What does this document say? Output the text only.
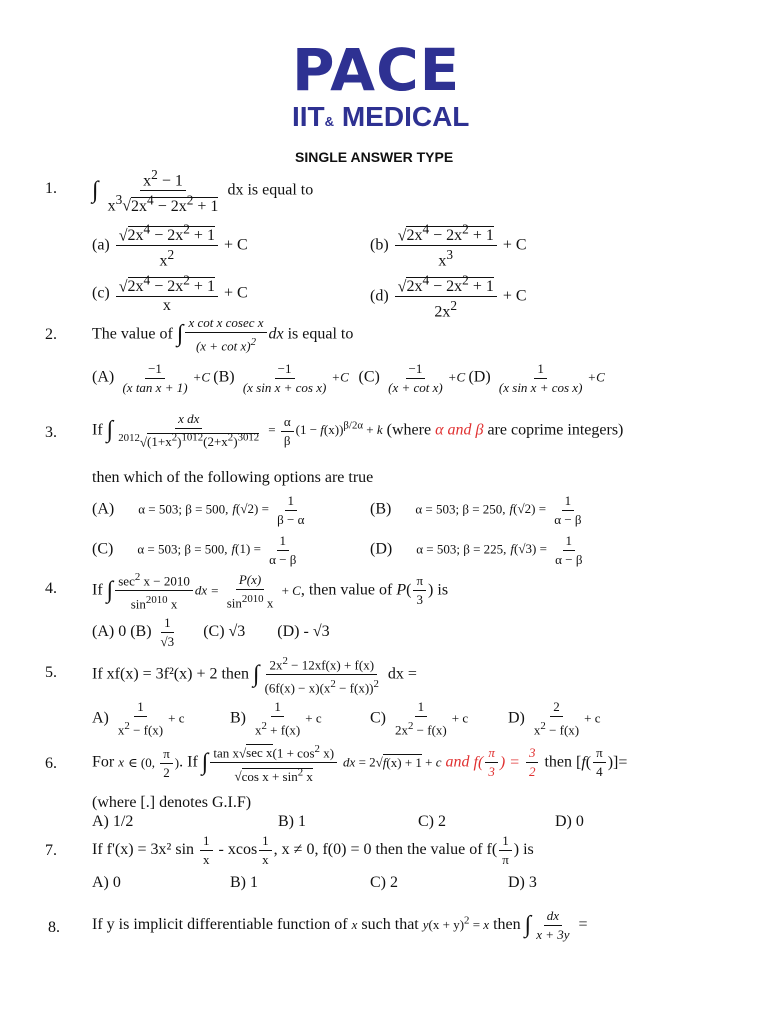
PACE
IIT& MEDICAL
SINGLE ANSWER TYPE
1. ∫ $\frac{x^2 - 1}{x^3√2x^4 - 2x^2 + 1}$ dx is equal to
$(a) \frac{√2x^4 - 2x^2 + 1}{x^2} + C$	$(b) \frac{√2x^4 - 2x^2 + 1}{x^3} + C$
$(c) \frac{√2x^4 - 2x^2 + 1}{x} + C$	$(d) \frac{√2x^4 - 2x^2 + 1}{2x^2} + C$
2. The value of ∫ $\frac{\text{x cot x cosec x}}{(x + \cot x)^2}$ dx is equal to
$(A) \frac{-1}{\text{(x tan x + 1)}} +C$ $(B) \frac{-1}{\text{(x sin x + cos x)}} +C$ $(C) \frac{-1}{\text{(x + cot x)}} +C$ $(D) \frac{1}{\text{(x sin x + cos x)}} +C$
3. If ∫ $\frac{\text{x dx}}{^{2012}√(1+x^2)^{1012}(2+x^2)^{3012}} = \frac{\alpha}{\beta} (1 - f(x))^{\beta/2\alpha} + k$ (where α and β are coprime integers)
then which of the following options are true
(A) α = 503; β = 500, $f(√2) = \frac{1}{\beta - \alpha}$	(B) α = 503; β = 250, $f(√2) = \frac{1}{\alpha - \beta}$
(C) α = 503; β = 500, $f(1) = \frac{1}{\alpha - \beta}$	(D) α = 503; β = 225, $f(√3) = \frac{1}{\alpha - \beta}$
4. If ∫ $\frac{\sec^2 x - 2010}{\sin^{2010} x}$ dx = $\frac{P(x)}{\sin^{2010} x} + C$, then value of $P( \frac{\pi}{3}$ ) is
(A) 0 $(B) \frac{1}{√3} (C)$ √3        (D) - √3
5. If xf(x) = 3f²(x) + 2 then ∫ $\frac{2x^2 - 12xf(x) + f(x)}{(6f(x) - x)(x^2 - f(x))^2}$ dx =
$A) \frac{1}{x^2 - f(x)} + c$	$B) \frac{1}{x^2 + f(x)} + c$	$C) \frac{1}{2x^2 - f(x)} + c$ $D) \frac{2}{x^2 - f(x)} + c$
6. For x ∈ (0, $\frac{\pi}{2}$ ). If ∫ $\frac{\tan x√\sec x(1 + \cos^2 x)}{√\cos x + \sin^2 x}$ dx = 2√f(x) + 1 + c and $f( \frac{\pi}{3}$ ) = $\frac{3}{2}$ then [$f( \frac{\pi}{4}$ )]=
(where [.] denotes G.I.F)
A) 1/2	B) 1	C) 2	D) 0
7. If f'(x) = 3x² $\sin \frac{1}{x}$ - xcos $\frac{1}{x}$ , x ≠ 0, f(0) = 0 then the value of $f( \frac{1}{\pi}$ ) is
A) 0	B) 1	C) 2	D) 3
8. If y is implicit differentiable function of x such that $y(x + y)^2 = x$ then ∫ $\frac{dx}{x + 3y}$ =
